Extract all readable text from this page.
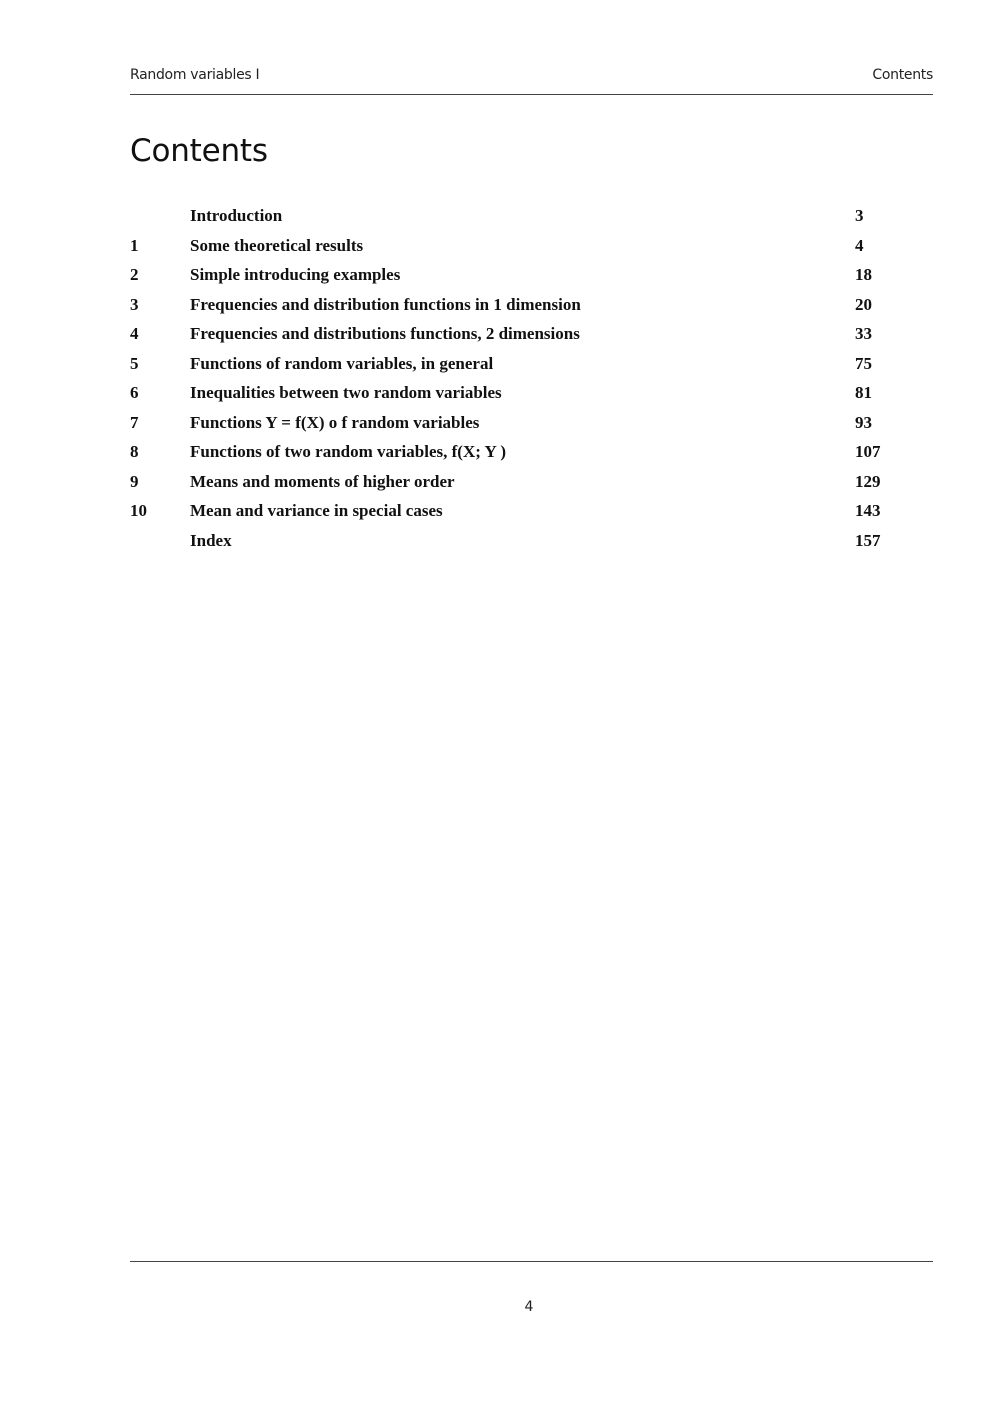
Random variables I	Contents
Contents
Introduction	3
1	Some theoretical results	4
2	Simple introducing examples	18
3	Frequencies and distribution functions in 1 dimension	20
4	Frequencies and distributions functions, 2 dimensions	33
5	Functions of random variables, in general	75
6	Inequalities between two random variables	81
7	Functions Y = f(X) o f random variables	93
8	Functions of two random variables, f(X; Y )	107
9	Means and moments of higher order	129
10	Mean and variance in special cases	143
Index	157
4
